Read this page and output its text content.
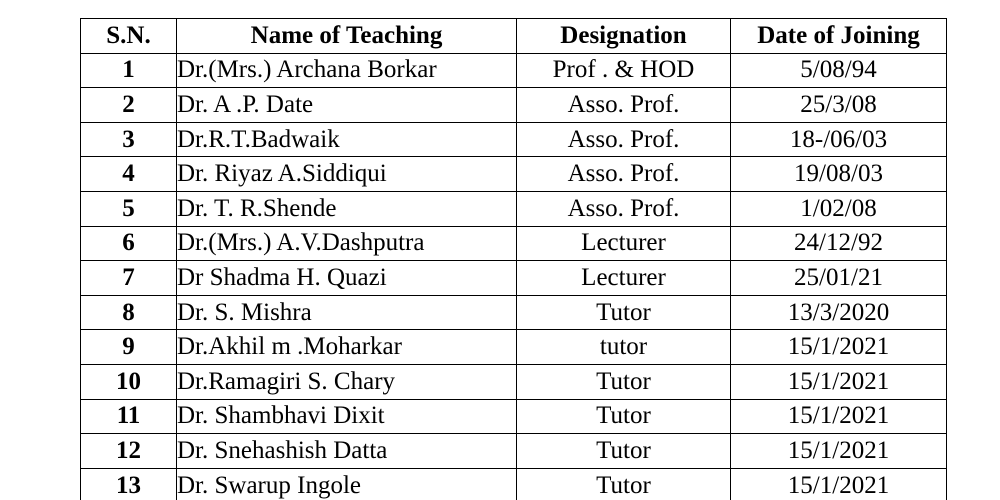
S.N.	Name of Teaching	Designation	Date of Joining
1	Dr.(Mrs.) Archana Borkar	Prof . & HOD	5/08/94
2	Dr. A .P. Date	Asso. Prof.	25/3/08
3	Dr.R.T.Badwaik	Asso. Prof.	18-/06/03
4	Dr. Riyaz A.Siddiqui	Asso. Prof.	19/08/03
5	Dr. T. R.Shende	Asso. Prof.	1/02/08
6	Dr.(Mrs.) A.V.Dashputra	Lecturer	24/12/92
7	Dr Shadma H. Quazi	Lecturer	25/01/21
8	Dr. S. Mishra	Tutor	13/3/2020
9	Dr.Akhil m .Moharkar	tutor	15/1/2021
10	Dr.Ramagiri S. Chary	Tutor	15/1/2021
11	Dr. Shambhavi Dixit	Tutor	15/1/2021
12	Dr. Snehashish Datta	Tutor	15/1/2021
13	Dr. Swarup Ingole	Tutor	15/1/2021
